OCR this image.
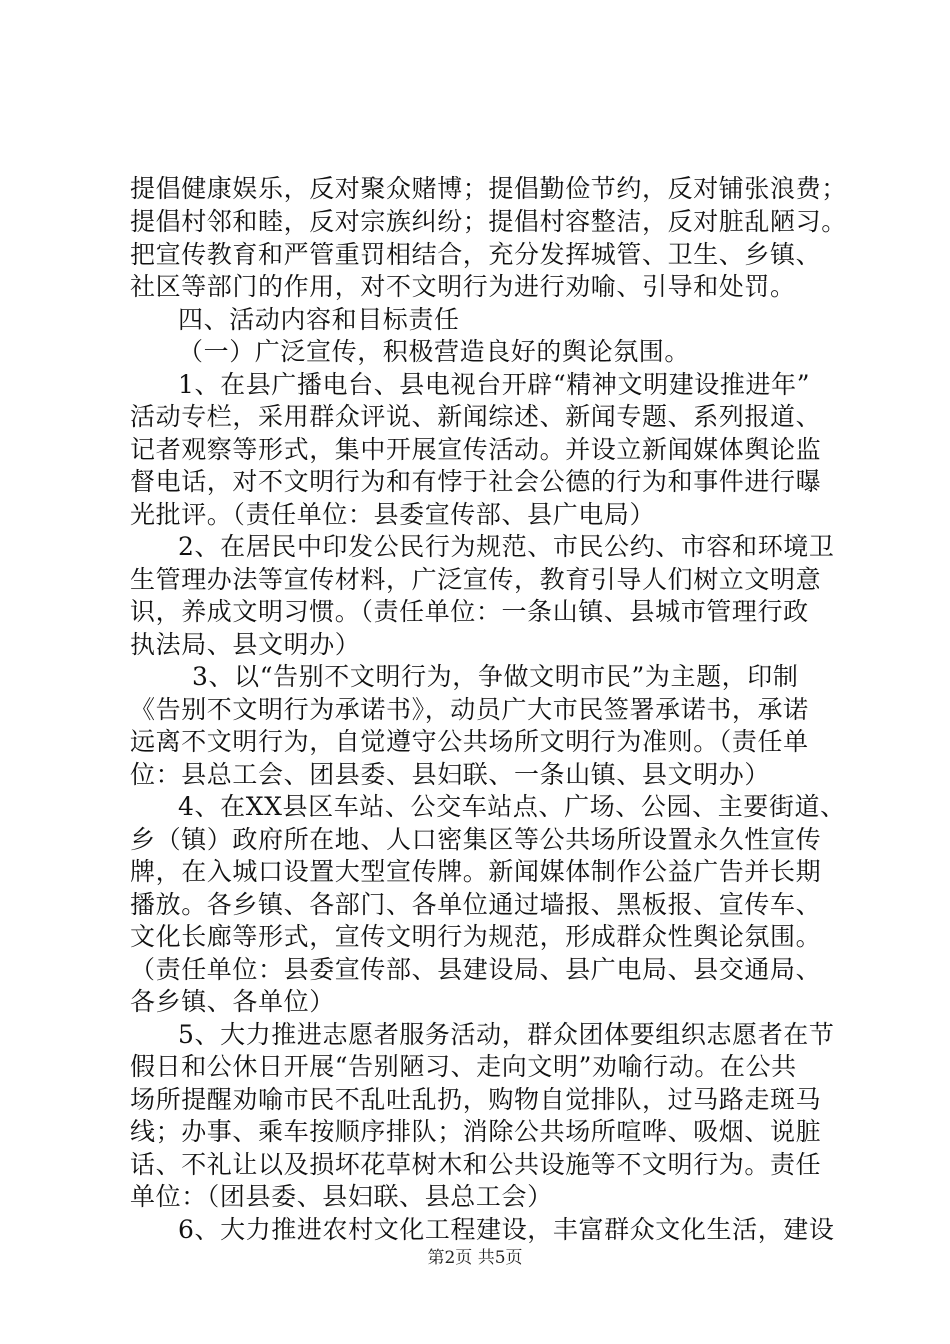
提倡健康娱乐，反对聚众赌博；提倡勤俭节约，反对铺张浪费；
提倡村邻和睦，反对宗族纠纷；提倡村容整洁，反对脏乱陋习。
把宣传教育和严管重罚相结合，充分发挥城管、卫生、乡镇、
社区等部门的作用，对不文明行为进行劝喻、引导和处罚。
四、活动内容和目标责任
（一）广泛宣传，积极营造良好的舆论氛围。
1、在县广播电台、县电视台开辟“精神文明建设推进年”
活动专栏，采用群众评说、新闻综述、新闻专题、系列报道、
记者观察等形式，集中开展宣传活动。并设立新闻媒体舆论监
督电话，对不文明行为和有悖于社会公德的行为和事件进行曝
光批评。（责任单位：县委宣传部、县广电局）
2、在居民中印发公民行为规范、市民公约、市容和环境卫
生管理办法等宣传材料，广泛宣传，教育引导人们树立文明意
识，养成文明习惯。（责任单位：一条山镇、县城市管理行政
执法局、县文明办）
3、以“告别不文明行为，争做文明市民”为主题，印制
《告别不文明行为承诺书》，动员广大市民签署承诺书，承诺
远离不文明行为，自觉遵守公共场所文明行为准则。（责任单
位：县总工会、团县委、县妇联、一条山镇、县文明办）
4、在XX县区车站、公交车站点、广场、公园、主要街道、
乡（镇）政府所在地、人口密集区等公共场所设置永久性宣传
牌，在入城口设置大型宣传牌。新闻媒体制作公益广告并长期
播放。各乡镇、各部门、各单位通过墙报、黑板报、宣传车、
文化长廊等形式，宣传文明行为规范，形成群众性舆论氛围。
（责任单位：县委宣传部、县建设局、县广电局、县交通局、
各乡镇、各单位）
5、大力推进志愿者服务活动，群众团体要组织志愿者在节
假日和公休日开展“告别陋习、走向文明”劝喻行动。在公共
场所提醒劝喻市民不乱吐乱扔，购物自觉排队，过马路走斑马
线；办事、乘车按顺序排队；消除公共场所喧哗、吸烟、说脏
话、不礼让以及损坏花草树木和公共设施等不文明行为。责任
单位：（团县委、县妇联、县总工会）
6、大力推进农村文化工程建设，丰富群众文化生活，建设
第2页 共5页
